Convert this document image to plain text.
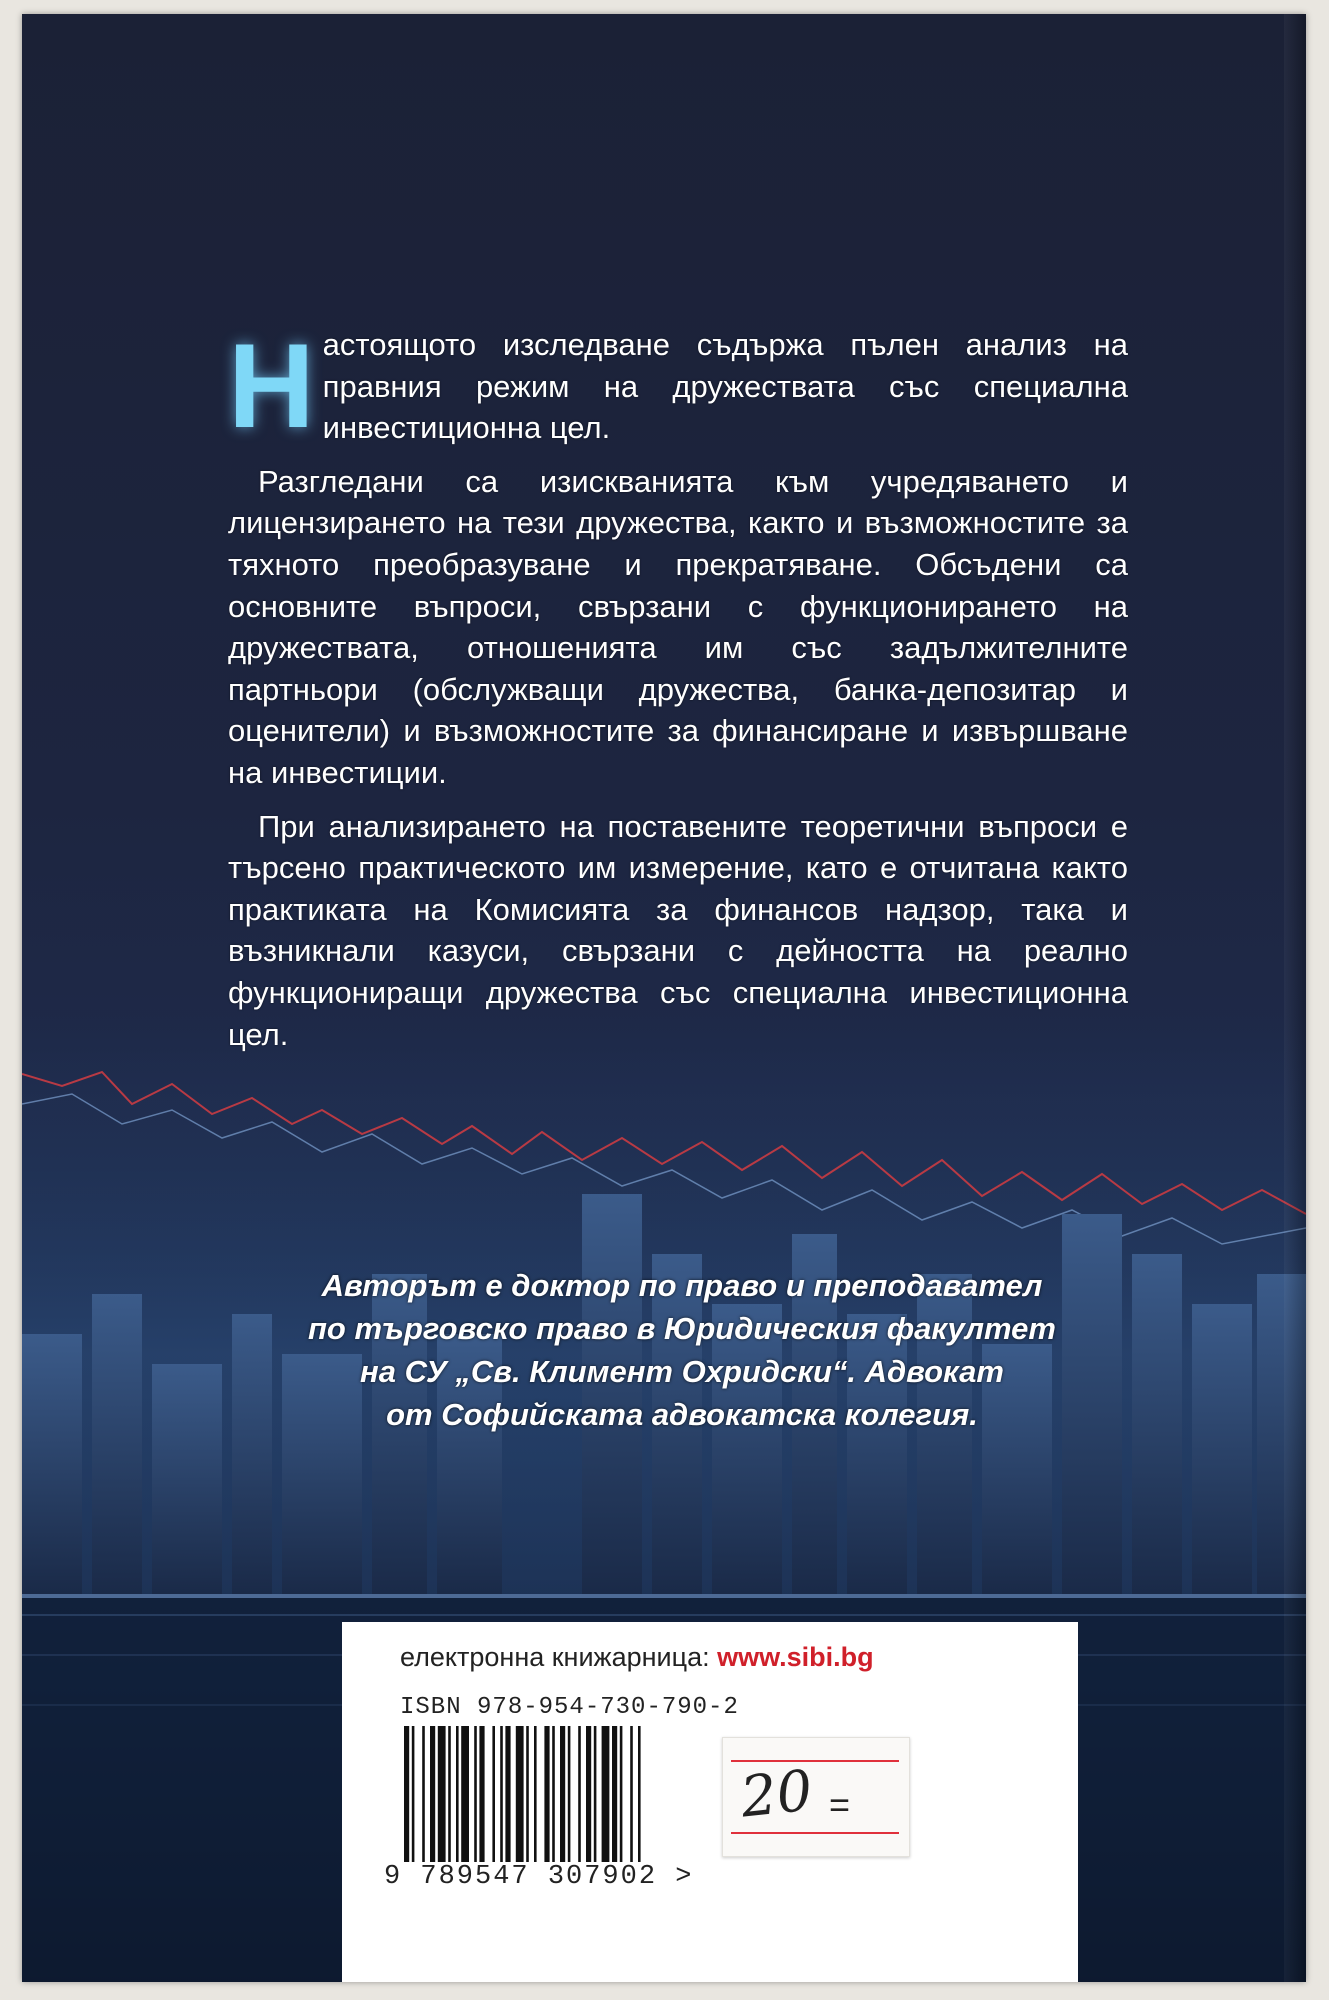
Н астоящото изследване съдържа пълен анализ на правния режим на дружествата със специална инвестиционна цел.

Разгледани са изискванията към учредяването и лицензирането на тези дружества, както и възможностите за тяхното преобразуване и прекратяване. Обсъдени са основните въпроси, свързани с функционирането на дружествата, отношенията им със задължителните партньори (обслужващи дружества, банка-депозитар и оценители) и възможностите за финансиране и извършване на инвестиции.

При анализирането на поставените теоретични въпроси е търсено практическото им измерение, като е отчитана както практиката на Комисията за финансов надзор, така и възникнали казуси, свързани с дейността на реално функциониращи дружества със специална инвестиционна цел.

Авторът е доктор по право и преподавател
по търговско право в Юридическия факултет
на СУ „Св. Климент Охридски“. Адвокат
от Софийската адвокатска колегия.
електронна книжарница: www.sibi.bg
ISBN 978-954-730-790-2
9 789547 307902 >
20 =
